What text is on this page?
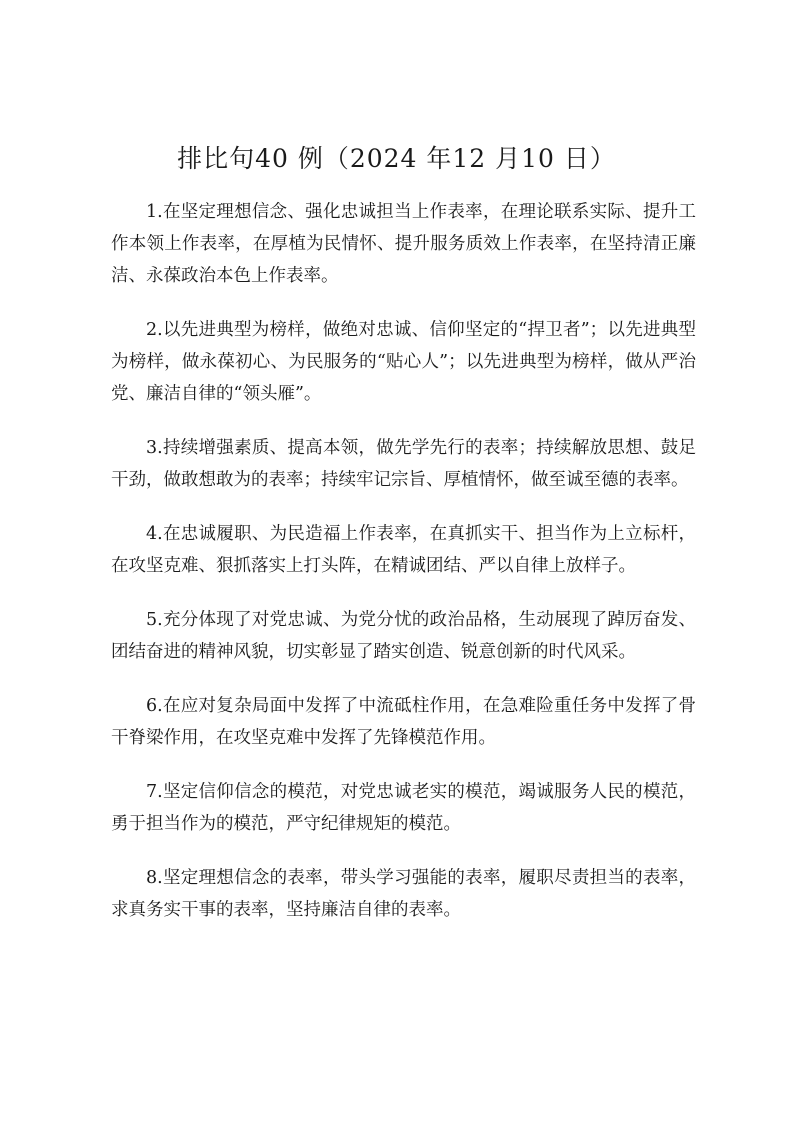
排比句40 例（2024 年12 月10 日）

1.在坚定理想信念、强化忠诚担当上作表率，在理论联系实际、提升工作本领上作表率，在厚植为民情怀、提升服务质效上作表率，在坚持清正廉洁、永葆政治本色上作表率。

2.以先进典型为榜样，做绝对忠诚、信仰坚定的“捍卫者”；以先进典型为榜样，做永葆初心、为民服务的“贴心人”；以先进典型为榜样，做从严治党、廉洁自律的“领头雁”。

3.持续增强素质、提高本领，做先学先行的表率；持续解放思想、鼓足干劲，做敢想敢为的表率；持续牢记宗旨、厚植情怀，做至诚至德的表率。

4.在忠诚履职、为民造福上作表率，在真抓实干、担当作为上立标杆，在攻坚克难、狠抓落实上打头阵，在精诚团结、严以自律上放样子。

5.充分体现了对党忠诚、为党分忧的政治品格，生动展现了踔厉奋发、团结奋进的精神风貌，切实彰显了踏实创造、锐意创新的时代风采。

6.在应对复杂局面中发挥了中流砥柱作用，在急难险重任务中发挥了骨干脊梁作用，在攻坚克难中发挥了先锋模范作用。

7.坚定信仰信念的模范，对党忠诚老实的模范，竭诚服务人民的模范，勇于担当作为的模范，严守纪律规矩的模范。

8.坚定理想信念的表率，带头学习强能的表率，履职尽责担当的表率，求真务实干事的表率，坚持廉洁自律的表率。
